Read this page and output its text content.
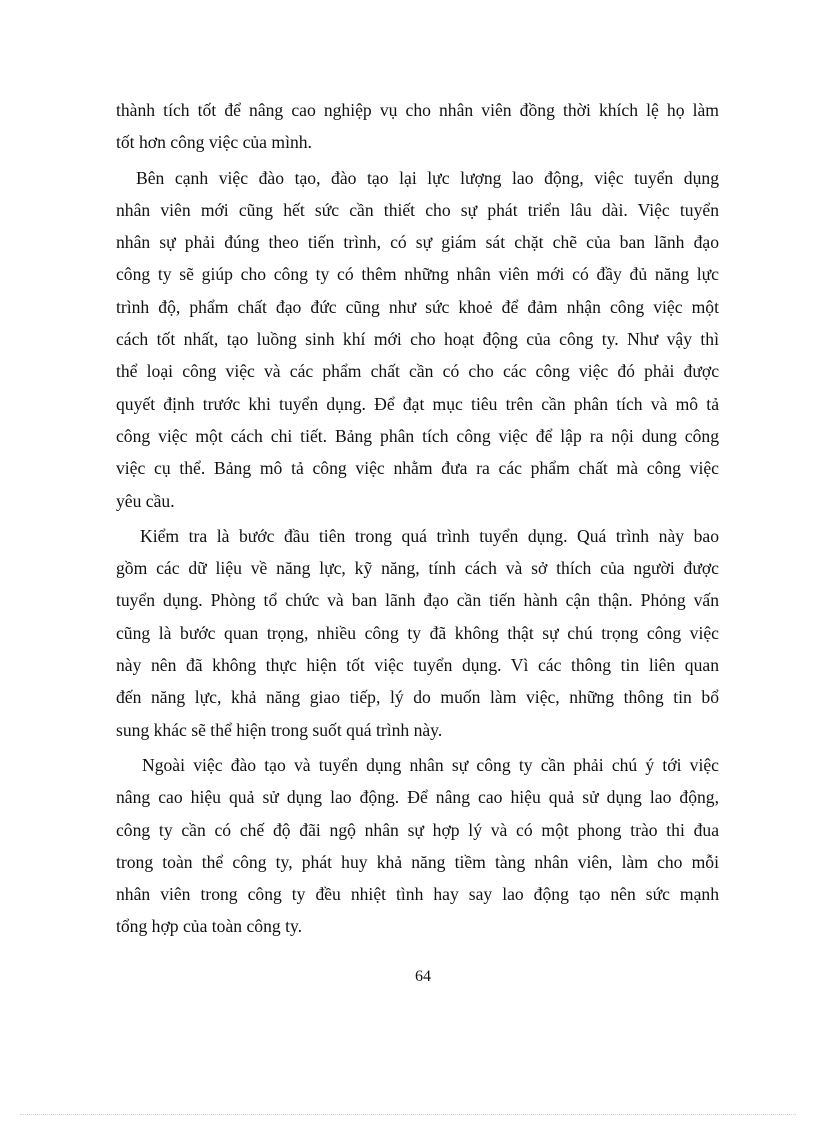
thành tích tốt để nâng cao nghiệp vụ cho nhân viên đồng thời khích lệ họ làm
tốt hơn công việc của mình.
Bên cạnh việc đào tạo, đào tạo lại lực lượng lao động, việc tuyển dụng
nhân viên mới cũng hết sức cần thiết cho sự phát triển lâu dài. Việc tuyển
nhân sự phải đúng theo tiến trình, có sự giám sát chặt chẽ của ban lãnh đạo
công ty sẽ giúp cho công ty có thêm những nhân viên mới có đầy đủ năng lực
trình độ, phẩm chất đạo đức cũng như sức khoẻ để đảm nhận công việc một
cách tốt nhất, tạo luồng sinh khí mới cho hoạt động của công ty. Như vậy thì
thể loại công việc và các phẩm chất cần có cho các công việc đó phải được
quyết định trước khi tuyển dụng. Để đạt mục tiêu trên cần phân tích và mô tả
công việc một cách chi tiết. Bảng phân tích công việc để lập ra nội dung công
việc cụ thể. Bảng mô tả công việc nhằm đưa ra các phẩm chất mà công việc
yêu cầu.
Kiểm tra là bước đầu tiên trong quá trình tuyển dụng. Quá trình này bao
gồm các dữ liệu về năng lực, kỹ năng, tính cách và sở thích của người được
tuyển dụng. Phòng tổ chức và ban lãnh đạo cần tiến hành cận thận. Phỏng vấn
cũng là bước quan trọng, nhiều công ty đã không thật sự chú trọng công việc
này nên đã không thực hiện tốt việc tuyển dụng. Vì các thông tin liên quan
đến năng lực, khả năng giao tiếp, lý do muốn làm việc, những thông tin bổ
sung khác sẽ thể hiện trong suốt quá trình này.
Ngoài việc đào tạo và tuyển dụng nhân sự công ty cần phải chú ý tới việc
nâng cao hiệu quả sử dụng lao động. Để nâng cao hiệu quả sử dụng lao động,
công ty cần có chế độ đãi ngộ nhân sự hợp lý và có một phong trào thi đua
trong toàn thể công ty, phát huy khả năng tiềm tàng nhân viên, làm cho mỗi
nhân viên trong công ty đều nhiệt tình hay say lao động tạo nên sức mạnh
tổng hợp của toàn công ty.
64
